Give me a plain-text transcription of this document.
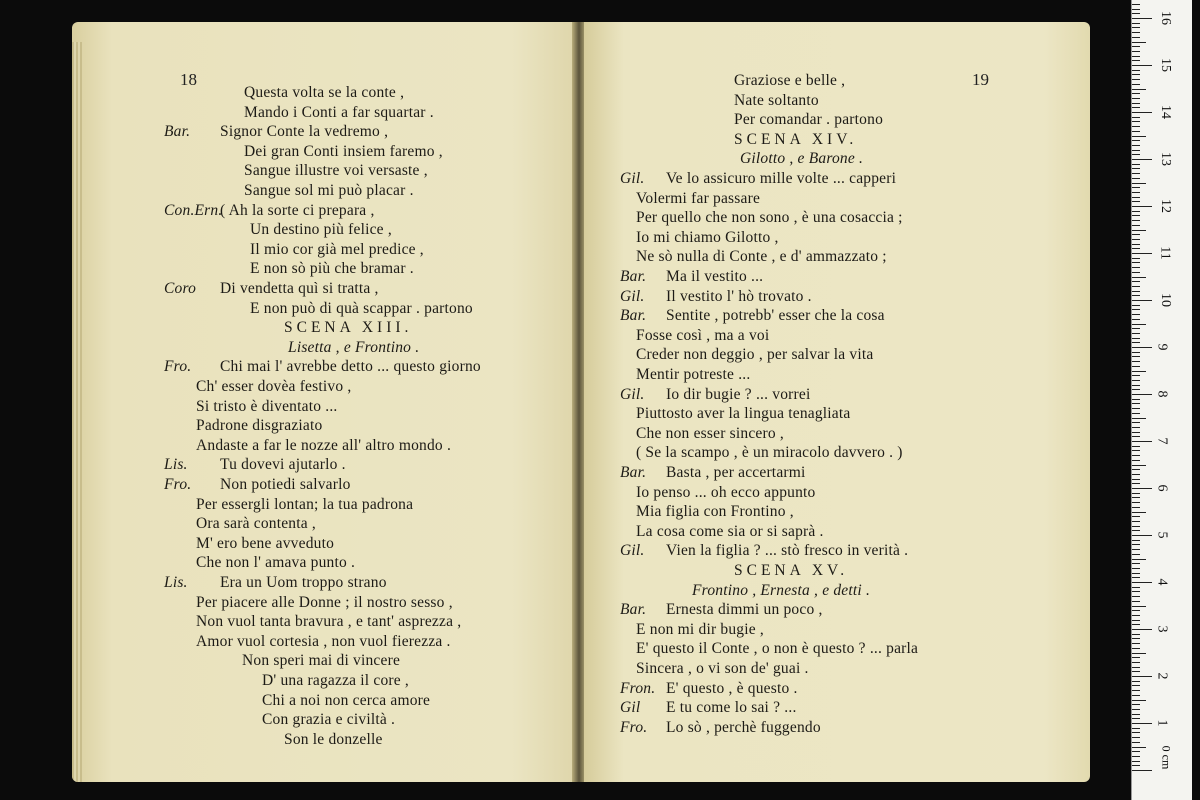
18
Questa volta se la conte ,
Mando i Conti a far squartar .
Bar. Signor Conte la vedremo ,
Dei gran Conti insiem faremo ,
Sangue illustre voi versaste ,
Sangue sol mi può placar .
Con.Ern.
( Ah la sorte ci prepara ,
Un destino più felice ,
Il mio cor già mel predice ,
E non sò più che bramar .
Coro Di vendetta quì si tratta ,
E non può di quà scappar . partono
SCENA XIII.
Lisetta , e Frontino .
Fro. Chi mai l' avrebbe detto ... questo giorno
Ch' esser dovèa festivo ,
Si tristo è diventato ...
Padrone disgraziato
Andaste a far le nozze all' altro mondo .
Lis. Tu dovevi ajutarlo .
Fro. Non potiedi salvarlo
Per essergli lontan; la tua padrona
Ora sarà contenta ,
M' ero bene avveduto
Che non l' amava punto .
Lis. Era un Uom troppo strano
Per piacere alle Donne ; il nostro sesso ,
Non vuol tanta bravura , e tant' asprezza ,
Amor vuol cortesia , non vuol fierezza .
Non speri mai di vincere
D' una ragazza il core ,
Chi a noi non cerca amore
Con grazia e civiltà .
Son le donzelle
19
Graziose e belle ,
Nate soltanto
Per comandar . partono
SCENA XIV.
Gilotto , e Barone .
Gil. Ve lo assicuro mille volte ... capperi
Volermi far passare
Per quello che non sono , è una cosaccia ;
Io mi chiamo Gilotto ,
Ne sò nulla di Conte , e d' ammazzato ;
Bar. Ma il vestito ...
Gil. Il vestito l' hò trovato .
Bar. Sentite , potrebb' esser che la cosa
Fosse così , ma a voi
Creder non deggio , per salvar la vita
Mentir potreste ...
Gil. Io dir bugie ? ... vorrei
Piuttosto aver la lingua tenagliata
Che non esser sincero ,
( Se la scampo , è un miracolo davvero . )
Bar. Basta , per accertarmi
Io penso ... oh ecco appunto
Mia figlia con Frontino ,
La cosa come sia or si saprà .
Gil. Vien la figlia ? ... stò fresco in verità .
SCENA XV.
Frontino , Ernesta , e detti .
Bar. Ernesta dimmi un poco ,
E non mi dir bugie ,
E' questo il Conte , o non è questo ? ... parla
Sincera , o vi son de' guai .
Fron. E' questo , è questo .
Gil E tu come lo sai ? ...
Fro. Lo sò , perchè fuggendo	1
2
3
4
5
6
7
8
9
10
11
12
13
14
15
16
0 cm
